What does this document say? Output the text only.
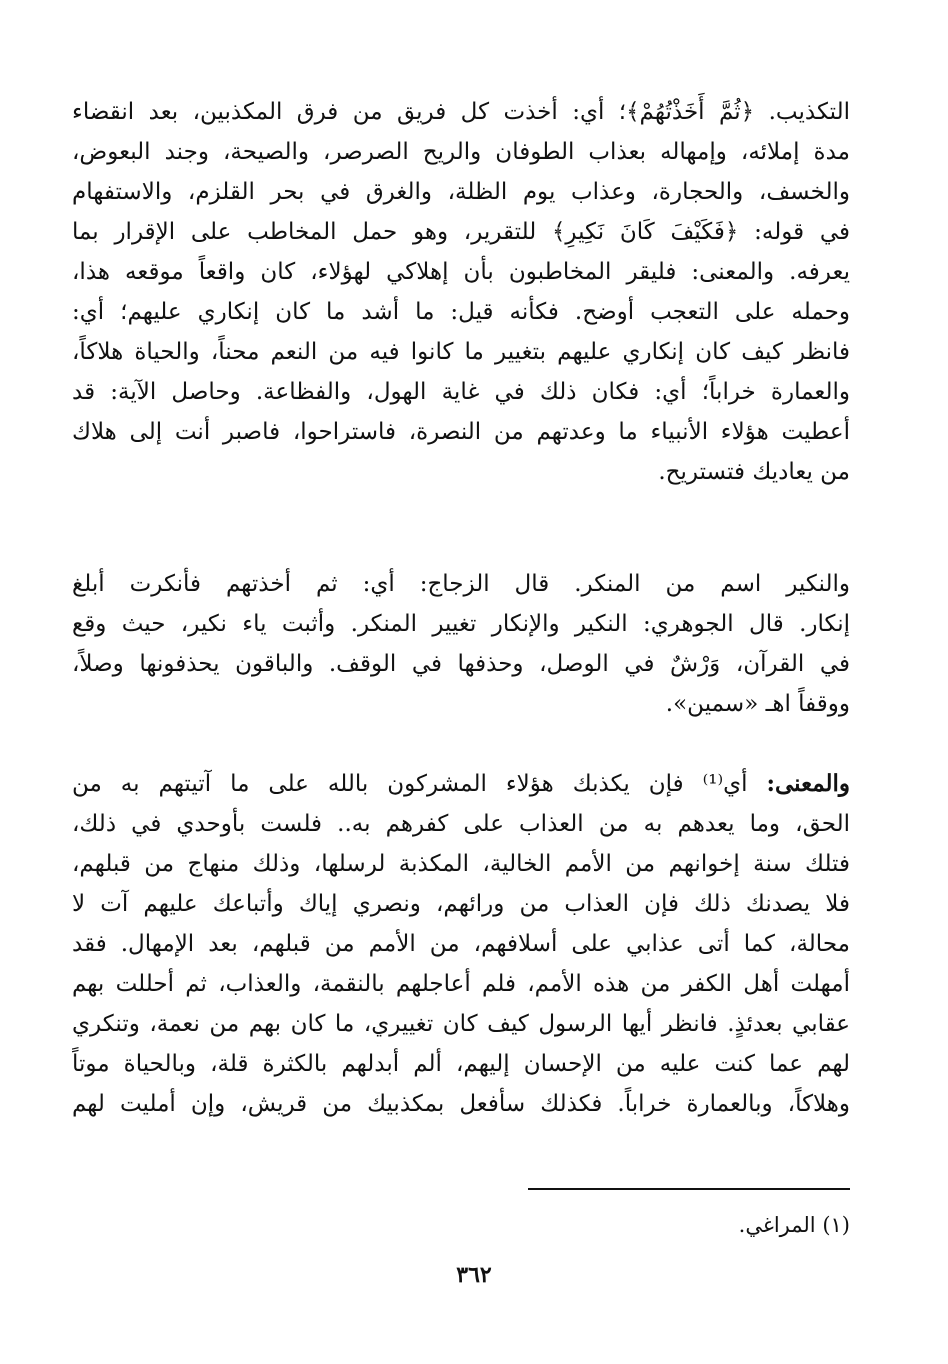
التكذيب. ﴿ثُمَّ أَخَذْتُهُمْ﴾؛ أي: أخذت كل فريق من فرق المكذبين، بعد انقضاء
مدة إملائه، وإمهاله بعذاب الطوفان والريح الصرصر، والصيحة، وجند البعوض،
والخسف، والحجارة، وعذاب يوم الظلة، والغرق في بحر القلزم، والاستفهام
في قوله: ﴿فَكَيْفَ كَانَ نَكِيرِ﴾ للتقرير، وهو حمل المخاطب على الإقرار بما
يعرفه. والمعنى: فليقر المخاطبون بأن إهلاكي لهؤلاء، كان واقعاً موقعه هذا،
وحمله على التعجب أوضح. فكأنه قيل: ما أشد ما كان إنكاري عليهم؛ أي:
فانظر كيف كان إنكاري عليهم بتغيير ما كانوا فيه من النعم محناً، والحياة هلاكاً،
والعمارة خراباً؛ أي: فكان ذلك في غاية الهول، والفظاعة. وحاصل الآية: قد
أعطيت هؤلاء الأنبياء ما وعدتهم من النصرة، فاستراحوا، فاصبر أنت إلى هلاك
من يعاديك فتستريح.
والنكير اسم من المنكر. قال الزجاج: أي: ثم أخذتهم فأنكرت أبلغ
إنكار. قال الجوهري: النكير والإنكار تغيير المنكر. وأثبت ياء نكير، حيث وقع
في القرآن، وَرْشٌ في الوصل، وحذفها في الوقف. والباقون يحذفونها وصلاً،
ووقفاً اهـ «سمين».
والمعنى: أي⁽¹⁾ فإن يكذبك هؤلاء المشركون بالله على ما آتيتهم به من
الحق، وما يعدهم به من العذاب على كفرهم به.. فلست بأوحدي في ذلك،
فتلك سنة إخوانهم من الأمم الخالية، المكذبة لرسلها، وذلك منهاج من قبلهم،
فلا يصدنك ذلك فإن العذاب من ورائهم، ونصري إياك وأتباعك عليهم آت لا
محالة، كما أتى عذابي على أسلافهم، من الأمم من قبلهم، بعد الإمهال. فقد
أمهلت أهل الكفر من هذه الأمم، فلم أعاجلهم بالنقمة، والعذاب، ثم أحللت بهم
عقابي بعدئذٍ. فانظر أيها الرسول كيف كان تغييري، ما كان بهم من نعمة، وتنكري
لهم عما كنت عليه من الإحسان إليهم، ألم أبدلهم بالكثرة قلة، وبالحياة موتاً
وهلاكاً، وبالعمارة خراباً. فكذلك سأفعل بمكذبيك من قريش، وإن أمليت لهم
(١) المراغي.
٣٦٢
